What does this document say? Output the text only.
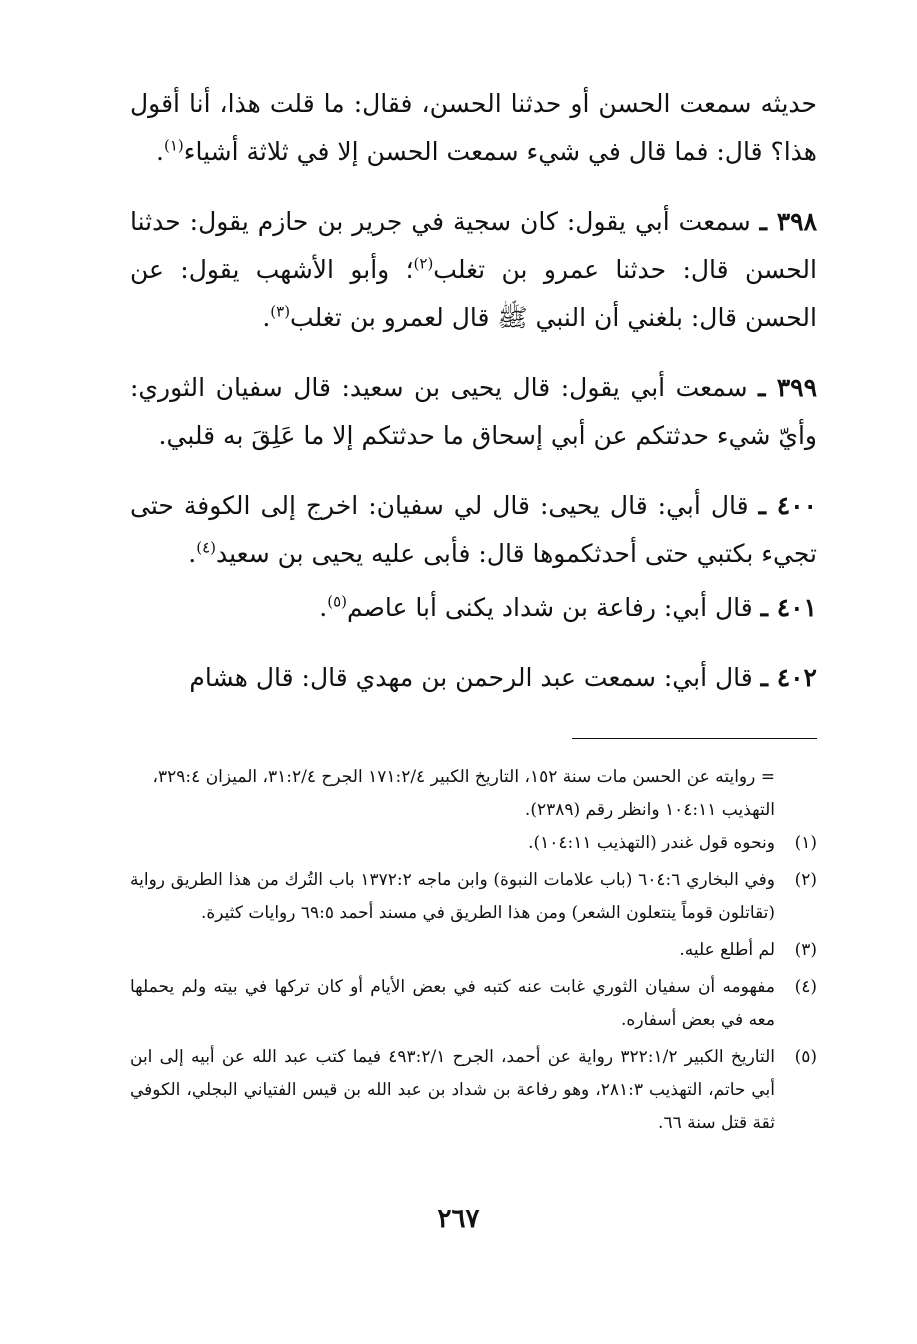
حديثه سمعت الحسن أو حدثنا الحسن، فقال: ما قلت هذا، أنا أقول هذا؟ قال: فما قال في شيء سمعت الحسن إلا في ثلاثة أشياء$^{(١)}$.

٣٩٨ ـ سمعت أبي يقول: كان سجية في جرير بن حازم يقول: حدثنا الحسن قال: حدثنا عمرو بن تغلب$^{(٢)}$؛ وأبو الأشهب يقول: عن الحسن قال: بلغني أن النبي ﷺ قال لعمرو بن تغلب$^{(٣)}$.

٣٩٩ ـ سمعت أبي يقول: قال يحيى بن سعيد: قال سفيان الثوري: وأيّ شيء حدثتكم عن أبي إسحاق ما حدثتكم إلا ما عَلِقَ به قلبي.

٤٠٠ ـ قال أبي: قال يحيى: قال لي سفيان: اخرج إلى الكوفة حتى تجيء بكتبي حتى أحدثكموها قال: فأبى عليه يحيى بن سعيد$^{(٤)}$.

٤٠١ ـ قال أبي: رفاعة بن شداد يكنى أبا عاصم$^{(٥)}$.

٤٠٢ ـ قال أبي: سمعت عبد الرحمن بن مهدي قال: قال هشام

= روايته عن الحسن مات سنة ١٥٢، التاريخ الكبير ١٧١:٢/٤ الجرح ٣١:٢/٤، الميزان ٣٢٩:٤، التهذيب ١٠٤:١١ وانظر رقم (٢٣٨٩).
(١)
ونحوه قول غندر (التهذيب ١٠٤:١١).
(٢)
وفي البخاري ٦٠٤:٦ (باب علامات النبوة) وابن ماجه ١٣٧٢:٢ باب التُرك من هذا الطريق رواية (تقاتلون قوماً ينتعلون الشعر) ومن هذا الطريق في مسند أحمد ٦٩:٥ روايات كثيرة.
(٣)
لم أطلع عليه.
(٤)
مفهومه أن سفيان الثوري غابت عنه كتبه في بعض الأيام أو كان تركها في بيته ولم يحملها معه في بعض أسفاره.
(٥)
التاريخ الكبير ٣٢٢:١/٢ رواية عن أحمد، الجرح ٤٩٣:٢/١ فيما كتب عبد الله عن أبيه إلى ابن أبي حاتم، التهذيب ٢٨١:٣، وهو رفاعة بن شداد بن عبد الله بن قيس الفتياني البجلي، الكوفي ثقة قتل سنة ٦٦.
٢٦٧
